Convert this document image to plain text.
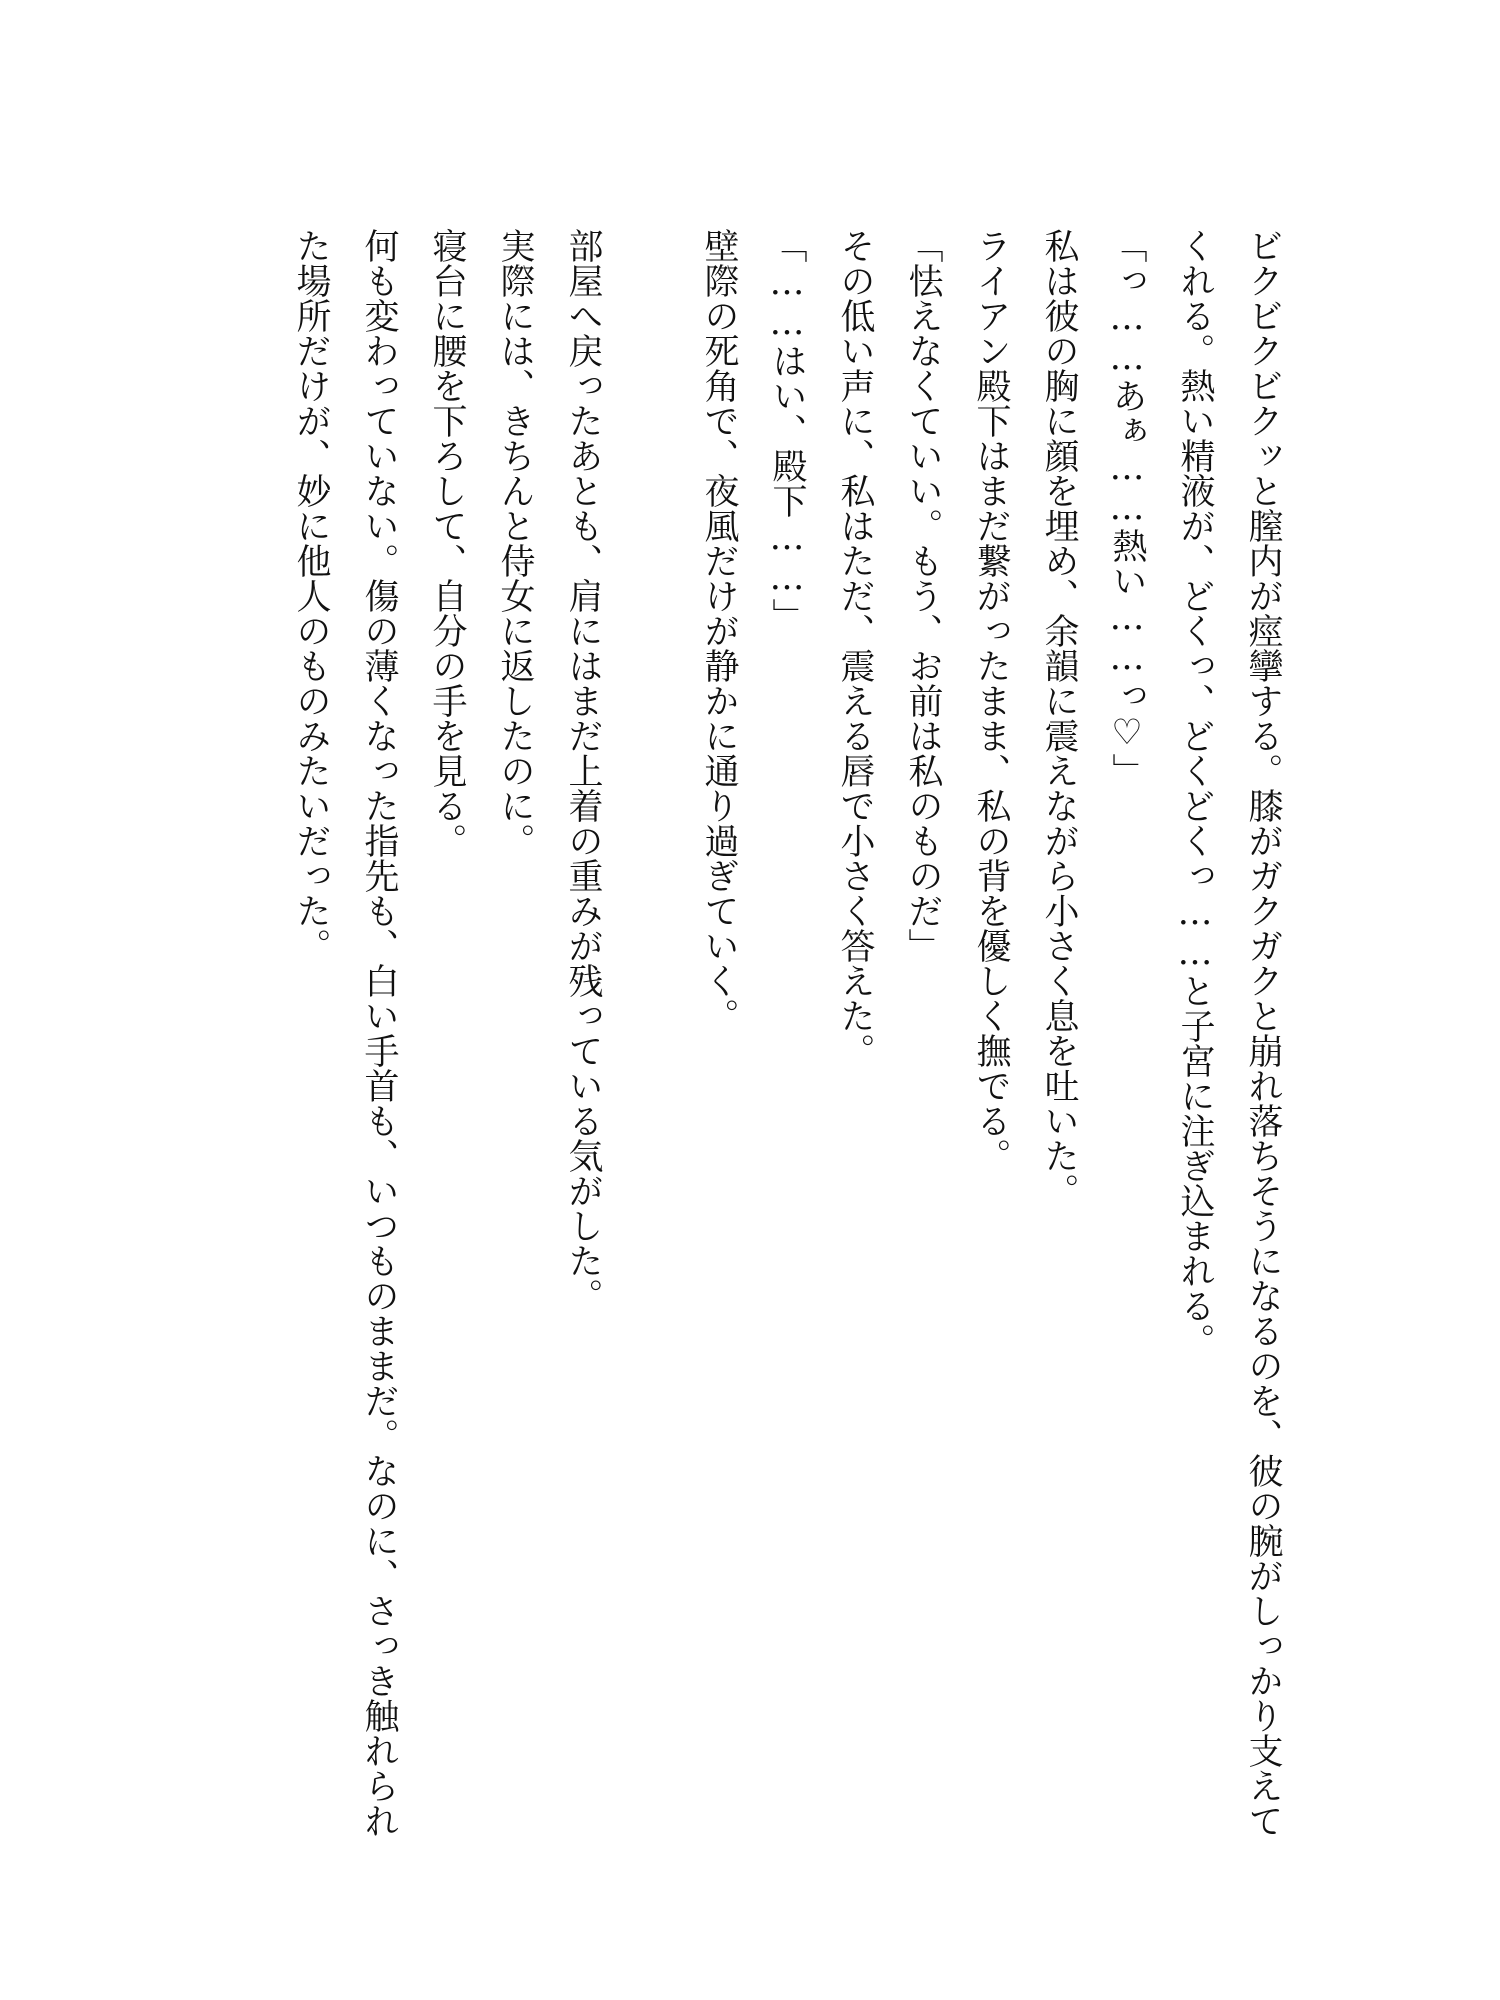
ビクビクビクッと膣内が痙攣する。膝がガクガクと崩れ落ちそうになるのを、彼の腕がしっかり支えて
くれる。熱い精液が、どくっ、どくどくっ……と子宮に注ぎ込まれる。
「っ……あぁ……熱い……っ♡」
私は彼の胸に顔を埋め、余韻に震えながら小さく息を吐いた。
ライアン殿下はまだ繋がったまま、私の背を優しく撫でる。
「怯えなくていい。もう、お前は私のものだ」
その低い声に、私はただ、震える唇で小さく答えた。
「……はい、殿下……」
壁際の死角で、夜風だけが静かに通り過ぎていく。
部屋へ戻ったあとも、肩にはまだ上着の重みが残っている気がした。
実際には、きちんと侍女に返したのに。
寝台に腰を下ろして、自分の手を見る。
何も変わっていない。傷の薄くなった指先も、白い手首も、いつものままだ。なのに、さっき触れられ
た場所だけが、妙に他人のものみたいだった。
